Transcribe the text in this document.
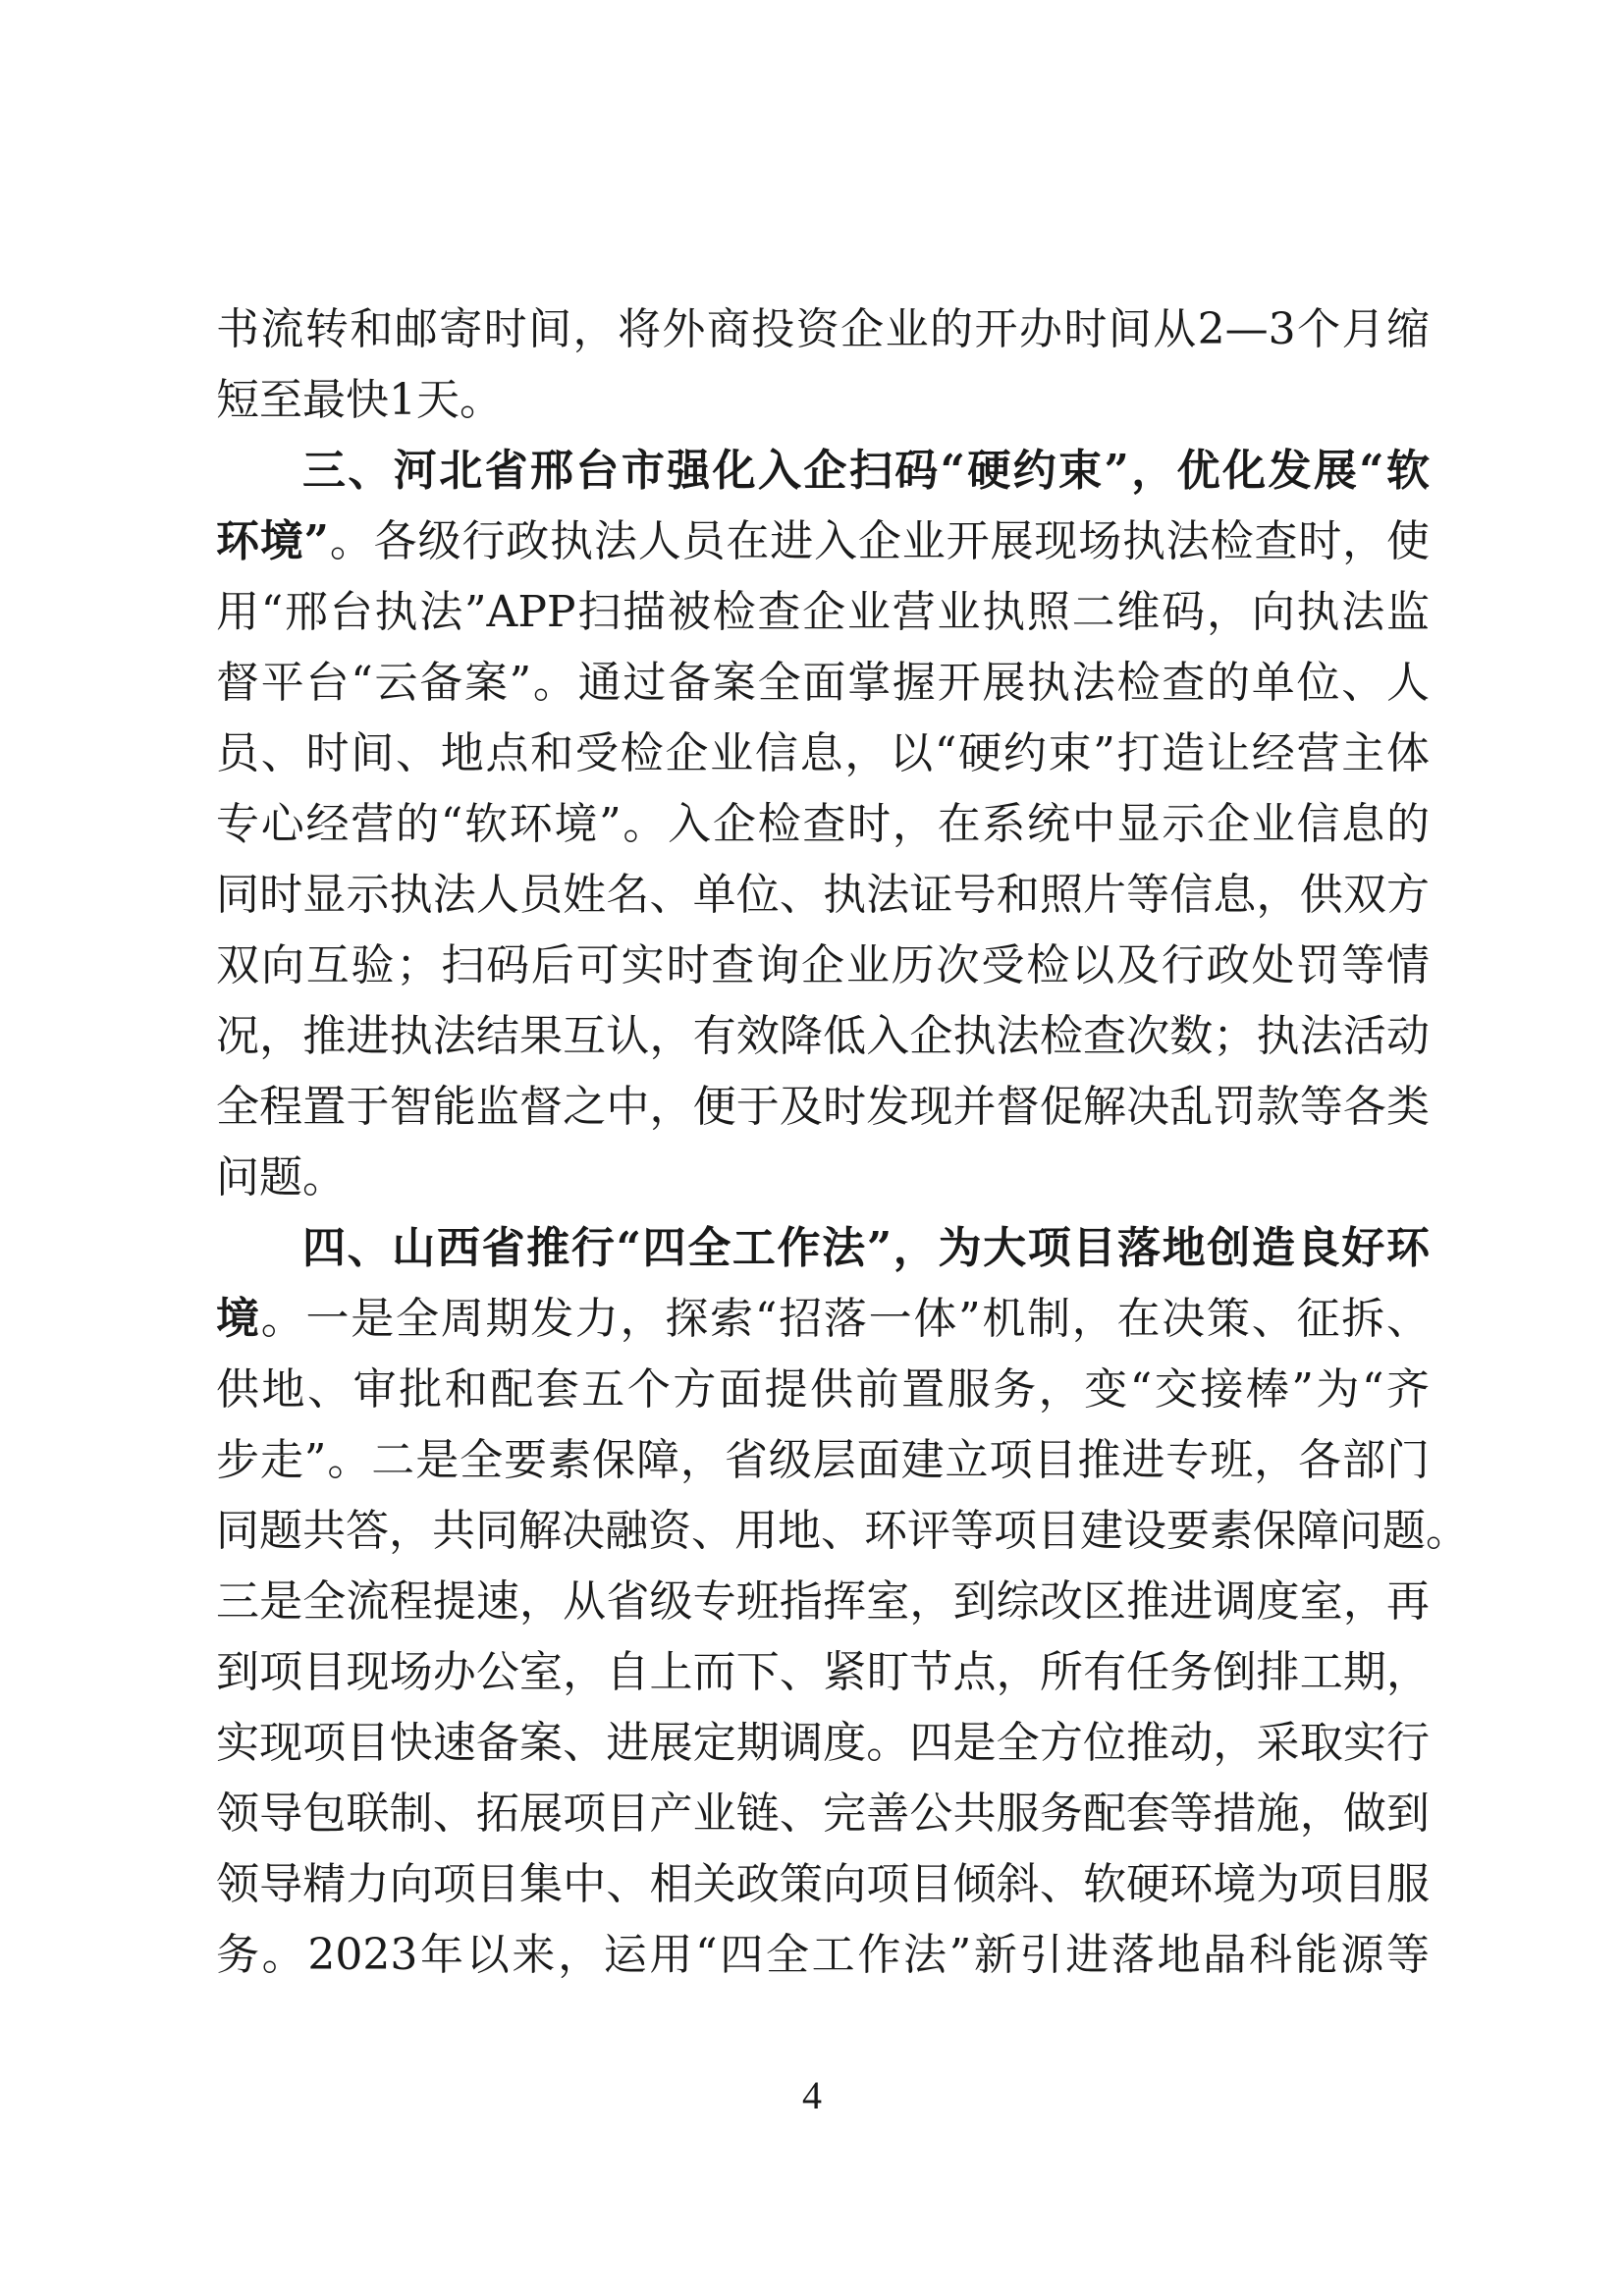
书流转和邮寄时间，将外商投资企业的开办时间从2—3个月缩
短至最快1天。
三、河北省邢台市强化入企扫码“硬约束”，优化发展“软
环境”。各级行政执法人员在进入企业开展现场执法检查时，使
用“邢台执法”APP扫描被检查企业营业执照二维码，向执法监
督平台“云备案”。通过备案全面掌握开展执法检查的单位、人
员、时间、地点和受检企业信息，以“硬约束”打造让经营主体
专心经营的“软环境”。入企检查时，在系统中显示企业信息的
同时显示执法人员姓名、单位、执法证号和照片等信息，供双方
双向互验；扫码后可实时查询企业历次受检以及行政处罚等情
况，推进执法结果互认，有效降低入企执法检查次数；执法活动
全程置于智能监督之中，便于及时发现并督促解决乱罚款等各类
问题。
四、山西省推行“四全工作法”，为大项目落地创造良好环
境。一是全周期发力，探索“招落一体”机制，在决策、征拆、
供地、审批和配套五个方面提供前置服务，变“交接棒”为“齐
步走”。二是全要素保障，省级层面建立项目推进专班，各部门
同题共答，共同解决融资、用地、环评等项目建设要素保障问题。
三是全流程提速，从省级专班指挥室，到综改区推进调度室，再
到项目现场办公室，自上而下、紧盯节点，所有任务倒排工期，
实现项目快速备案、进展定期调度。四是全方位推动，采取实行
领导包联制、拓展项目产业链、完善公共服务配套等措施，做到
领导精力向项目集中、相关政策向项目倾斜、软硬环境为项目服
务。2023年以来，运用“四全工作法”新引进落地晶科能源等
4
